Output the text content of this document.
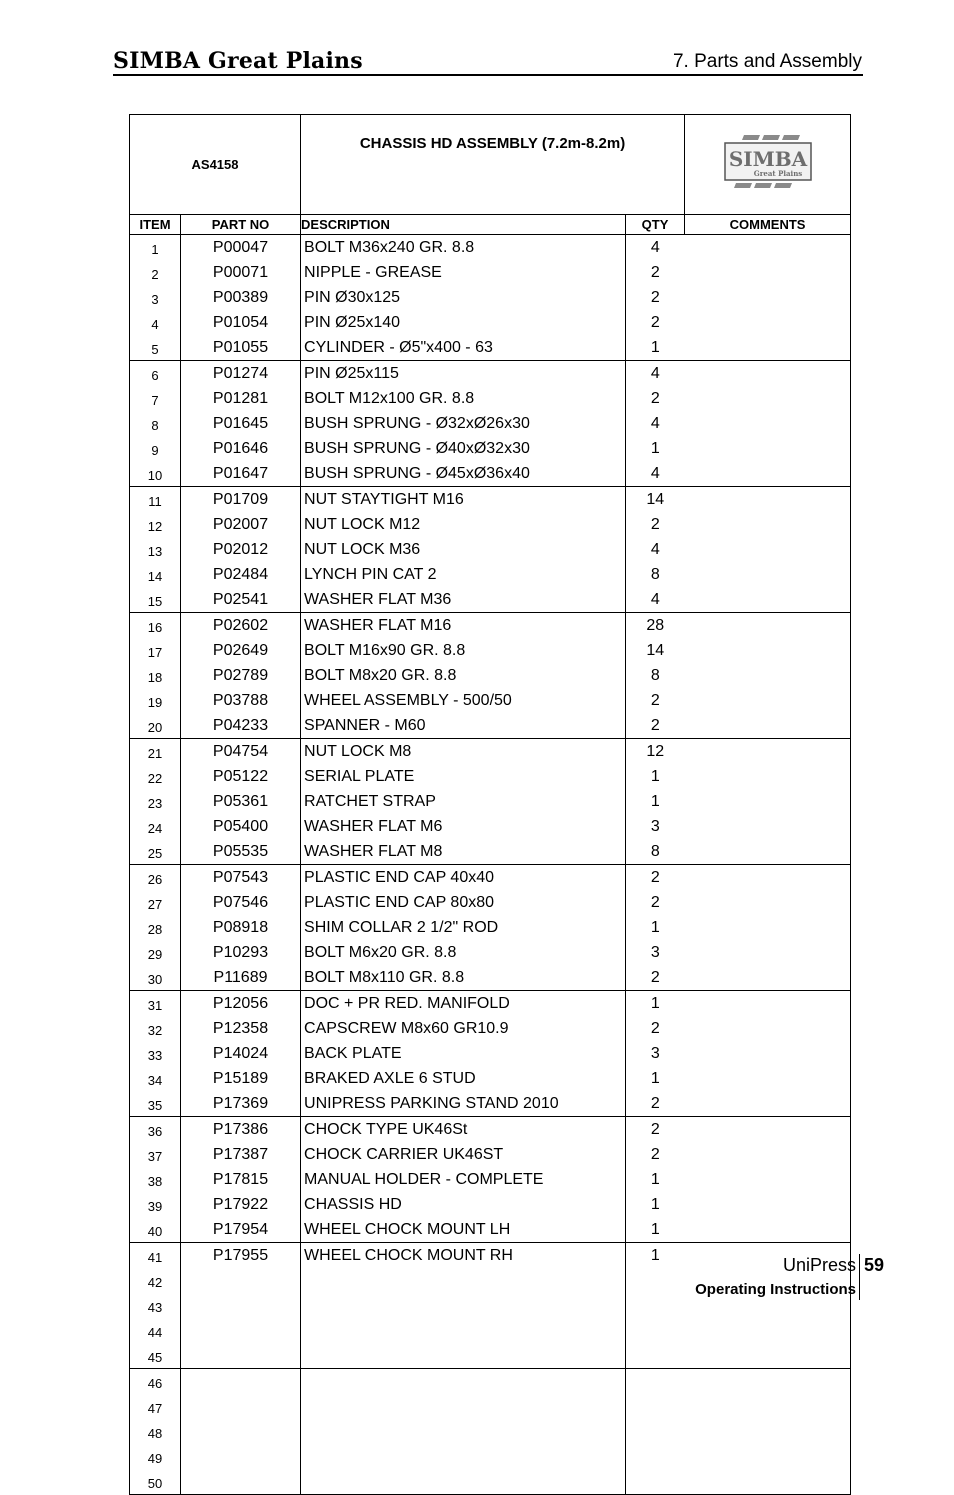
SIMBA Great Plains	7. Parts and Assembly
AS4158		CHASSIS HD ASSEMBLY (7.2m-8.2m)		SIMBA
Great Plains

ITEM	PART NO	DESCRIPTION	QTY	COMMENTS
1	P00047	BOLT M36x240 GR. 8.8	4	
2	P00071	NIPPLE - GREASE	2	
3	P00389	PIN Ø30x125	2	
4	P01054	PIN Ø25x140	2	
5	P01055	CYLINDER - Ø5"x400 - 63	1	
6	P01274	PIN Ø25x115	4	
7	P01281	BOLT M12x100 GR. 8.8	2	
8	P01645	BUSH SPRUNG - Ø32xØ26x30	4	
9	P01646	BUSH SPRUNG - Ø40xØ32x30	1	
10	P01647	BUSH SPRUNG - Ø45xØ36x40	4	
11	P01709	NUT STAYTIGHT M16	14	
12	P02007	NUT LOCK M12	2	
13	P02012	NUT LOCK M36	4	
14	P02484	LYNCH PIN CAT 2	8	
15	P02541	WASHER FLAT M36	4	
16	P02602	WASHER FLAT M16	28	
17	P02649	BOLT M16x90 GR. 8.8	14	
18	P02789	BOLT M8x20 GR. 8.8	8	
19	P03788	WHEEL ASSEMBLY - 500/50	2	
20	P04233	SPANNER - M60	2	
21	P04754	NUT LOCK M8	12	
22	P05122	SERIAL PLATE	1	
23	P05361	RATCHET STRAP	1	
24	P05400	WASHER FLAT M6	3	
25	P05535	WASHER FLAT M8	8	
26	P07543	PLASTIC END CAP 40x40	2	
27	P07546	PLASTIC END CAP 80x80	2	
28	P08918	SHIM COLLAR 2 1/2" ROD	1	
29	P10293	BOLT M6x20 GR. 8.8	3	
30	P11689	BOLT M8x110 GR. 8.8	2	
31	P12056	DOC + PR RED. MANIFOLD	1	
32	P12358	CAPSCREW M8x60 GR10.9	2	
33	P14024	BACK PLATE	3	
34	P15189	BRAKED AXLE 6 STUD	1	
35	P17369	UNIPRESS PARKING STAND 2010	2	
36	P17386	CHOCK TYPE UK46St	2	
37	P17387	CHOCK CARRIER UK46ST	2	
38	P17815	MANUAL HOLDER - COMPLETE	1	
39	P17922	CHASSIS HD	1	
40	P17954	WHEEL CHOCK MOUNT LH	1	
41	P17955	WHEEL CHOCK MOUNT RH	1	
42				
43				
44				
45				
46				
47				
48				
49				
50				
UniPress 59
Operating Instructions
